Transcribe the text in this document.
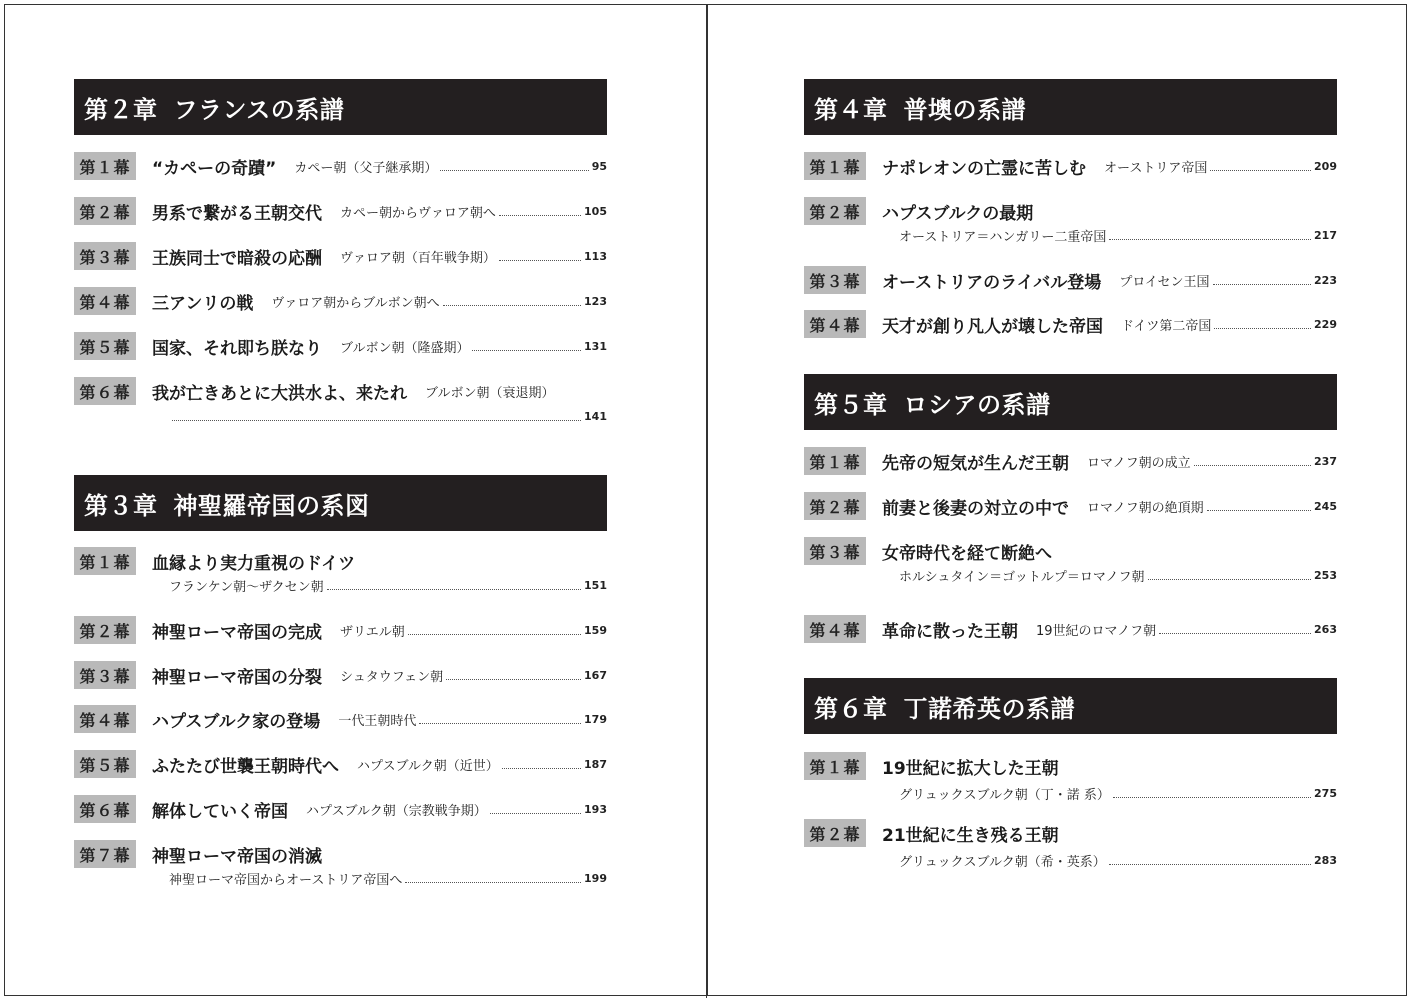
第２章 フランスの系譜
第１幕	“カペーの奇蹟” カペー朝（父子継承期）	95
第２幕	男系で繋がる王朝交代 カペー朝からヴァロア朝へ	105
第３幕	王族同士で暗殺の応酬 ヴァロア朝（百年戦争期）	113
第４幕	三アンリの戦 ヴァロア朝からブルボン朝へ	123
第５幕	国家、それ即ち朕なり ブルボン朝（隆盛期）	131
第６幕	我が亡きあとに大洪水よ、来たれ ブルボン朝（衰退期）
141
第３章 神聖羅帝国の系図
第１幕	血縁より実力重視のドイツ
フランケン朝～ザクセン朝	151
第２幕	神聖ローマ帝国の完成 ザリエル朝	159
第３幕	神聖ローマ帝国の分裂 シュタウフェン朝	167
第４幕	ハプスブルク家の登場 一代王朝時代	179
第５幕	ふたたび世襲王朝時代へ ハプスブルク朝（近世）	187
第６幕	解体していく帝国 ハプスブルク朝（宗教戦争期）	193
第７幕	神聖ローマ帝国の消滅
神聖ローマ帝国からオーストリア帝国へ	199
第４章 普墺の系譜
第１幕	ナポレオンの亡霊に苦しむ オーストリア帝国	209
第２幕	ハプスブルクの最期
オーストリア＝ハンガリー二重帝国	217
第３幕	オーストリアのライバル登場 プロイセン王国	223
第４幕	天才が創り凡人が壊した帝国 ドイツ第二帝国	229
第５章 ロシアの系譜
第１幕	先帝の短気が生んだ王朝 ロマノフ朝の成立	237
第２幕	前妻と後妻の対立の中で ロマノフ朝の絶頂期	245
第３幕	女帝時代を経て断絶へ
ホルシュタイン＝ゴットルプ＝ロマノフ朝	253
第４幕	革命に散った王朝 19世紀のロマノフ朝	263
第６章 丁諾希英の系譜
第１幕	19世紀に拡大した王朝
グリュックスブルク朝（丁・諾 系）	275
第２幕	21世紀に生き残る王朝
グリュックスブルク朝（希・英系）	283
